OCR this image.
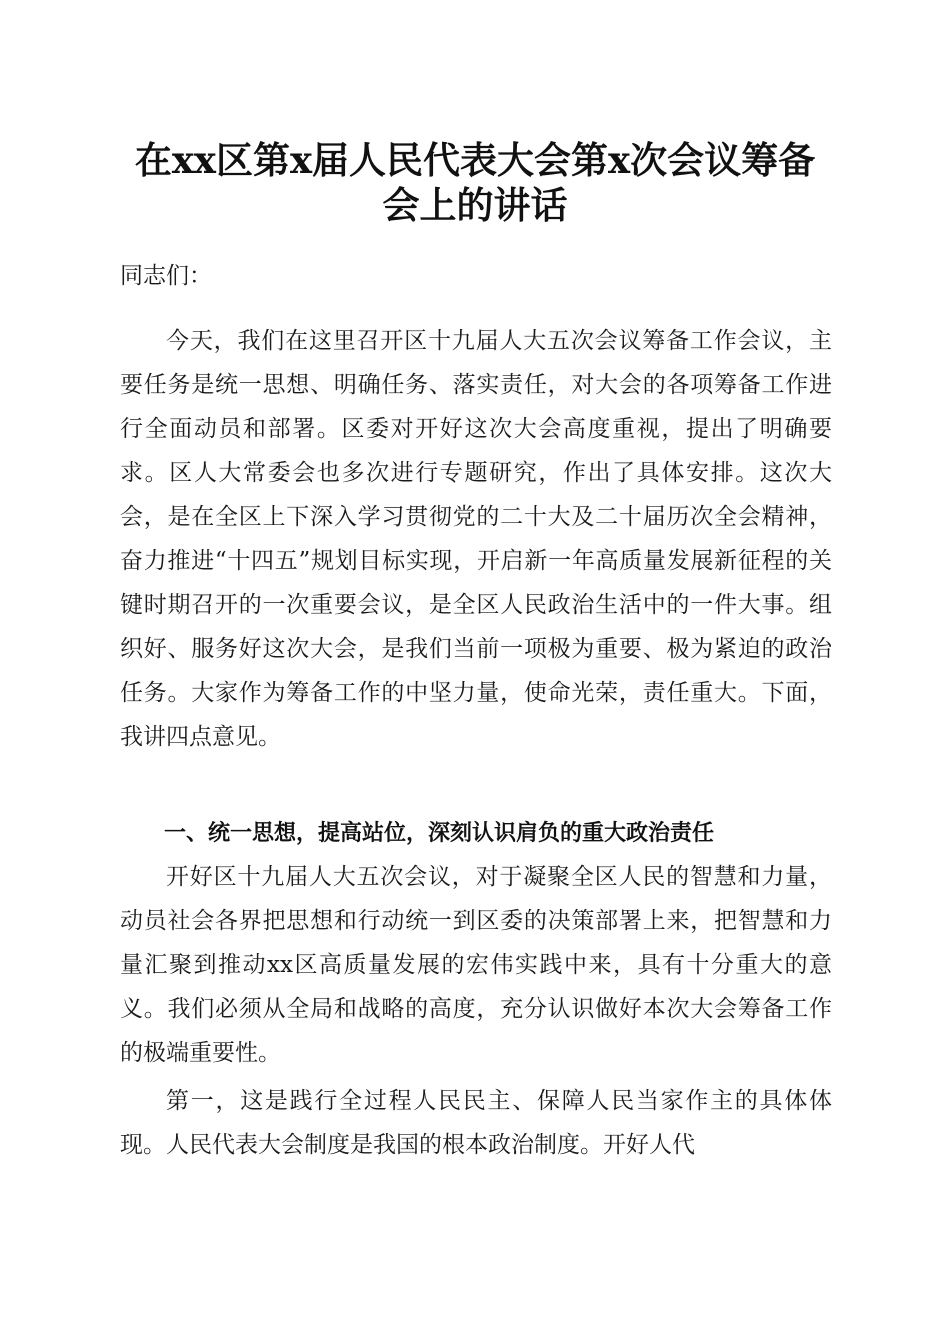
在xx区第x届人民代表大会第x次会议筹备
会上的讲话
同志们：

今天，我们在这里召开区十九届人大五次会议筹备工作会议，主要任务是统一思想、明确任务、落实责任，对大会的各项筹备工作进行全面动员和部署。区委对开好这次大会高度重视，提出了明确要求。区人大常委会也多次进行专题研究，作出了具体安排。这次大会，是在全区上下深入学习贯彻党的二十大及二十届历次全会精神，奋力推进“十四五”规划目标实现，开启新一年高质量发展新征程的关键时期召开的一次重要会议，是全区人民政治生活中的一件大事。组织好、服务好这次大会，是我们当前一项极为重要、极为紧迫的政治任务。大家作为筹备工作的中坚力量，使命光荣，责任重大。下面，我讲四点意见。

一、统一思想，提高站位，深刻认识肩负的重大政治责任

开好区十九届人大五次会议，对于凝聚全区人民的智慧和力量，动员社会各界把思想和行动统一到区委的决策部署上来，把智慧和力量汇聚到推动xx区高质量发展的宏伟实践中来，具有十分重大的意义。我们必须从全局和战略的高度，充分认识做好本次大会筹备工作的极端重要性。

第一，这是践行全过程人民民主、保障人民当家作主的具体体现。人民代表大会制度是我国的根本政治制度。开好人代
